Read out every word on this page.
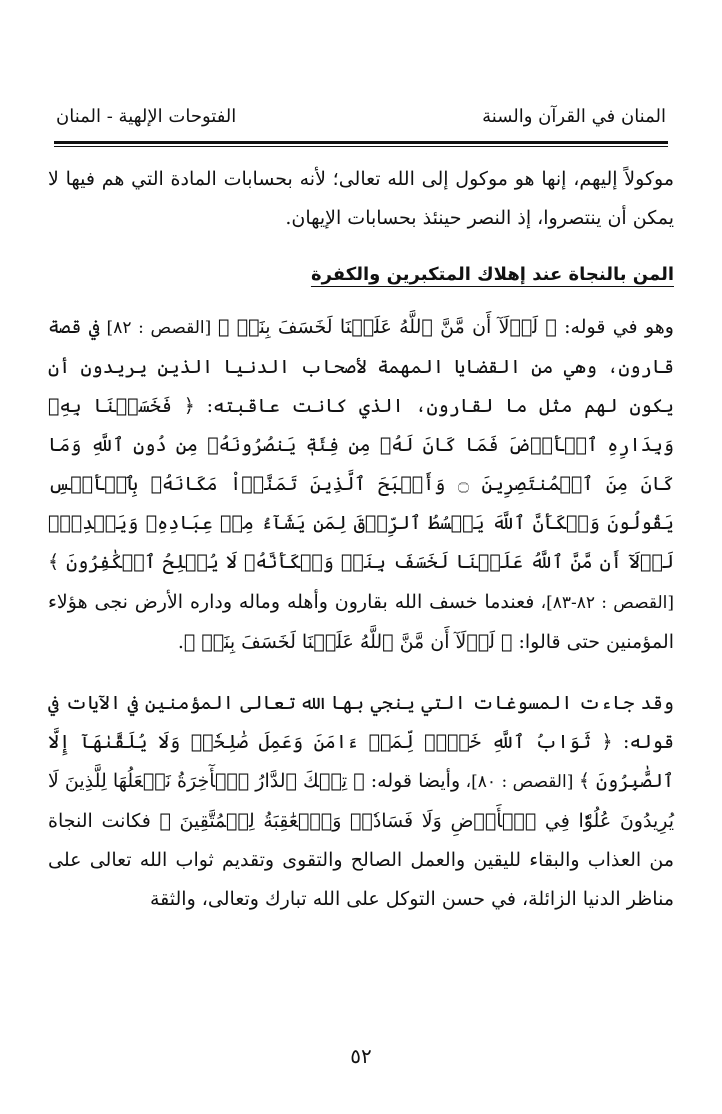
المنان في القرآن والسنة
الفتوحات الإلهية - المنان

موكولاً إليهم، إنها هو موكول إلى الله تعالى؛ لأنه بحسابات المادة التي هم فيها لا يمكن أن ينتصروا، إذ النصر حينئذ بحسابات الإيهان.

المن بالنجاة عند إهلاك المتكبرين والكفرة

وهو في قوله: ﴿ لَوۡلَآ أَن مَّنَّ ٱللَّهُ عَلَيۡنَا لَخَسَفَ بِنَاۖ ﴾ [القصص : ٨٢] في قصة قارون، وهي من القضايا المهمة لأصحاب الدنيا الذين يريدون أن يكون لهم مثل ما لقارون، الذي كانت عاقبته: ﴿ فَخَسَفۡنَا بِهِۦ وَبِدَارِهِ ٱلۡأَرۡضَ فَمَا كَانَ لَهُۥ مِن فِئَةٖ يَنصُرُونَهُۥ مِن دُونِ ٱللَّهِ وَمَا كَانَ مِنَ ٱلۡمُنتَصِرِينَ ۝ وَأَصۡبَحَ ٱلَّذِينَ تَمَنَّوۡاْ مَكَانَهُۥ بِٱلۡأَمۡسِ يَقُولُونَ وَيۡكَأَنَّ ٱللَّهَ يَبۡسُطُ ٱلرِّزۡقَ لِمَن يَشَآءُ مِنۡ عِبَادِهِۦ وَيَقۡدِرُۖ لَوۡلَآ أَن مَّنَّ ٱللَّهُ عَلَيۡنَا لَخَسَفَ بِنَاۖ وَيۡكَأَنَّهُۥ لَا يُفۡلِحُ ٱلۡكَٰفِرُونَ ﴾ [القصص : ٨٢-٨٣]، فعندما خسف الله بقارون وأهله وماله وداره الأرض نجى هؤلاء المؤمنين حتى قالوا: ﴿ لَوۡلَآ أَن مَّنَّ ٱللَّهُ عَلَيۡنَا لَخَسَفَ بِنَاۖ ﴾.

وقد جاءت المسوغات التي ينجي بها الله تعالى المؤمنين في الآيات في قوله: ﴿ ثَوَابُ ٱللَّهِ خَيۡرٞ لِّمَنۡ ءَامَنَ وَعَمِلَ صَٰلِحٗاۚ وَلَا يُلَقَّىٰهَآ إِلَّا ٱلصَّٰبِرُونَ ﴾ [القصص : ٨٠]، وأيضا قوله: ﴿ تِلۡكَ ٱلدَّارُ ٱلۡأٓخِرَةُ نَجۡعَلُهَا لِلَّذِينَ لَا يُرِيدُونَ عُلُوّٗا فِي ٱلۡأَرۡضِ وَلَا فَسَادٗاۚ وَٱلۡعَٰقِبَةُ لِلۡمُتَّقِينَ ﴾ فكانت النجاة من العذاب والبقاء لليقين والعمل الصالح والتقوى وتقديم ثواب الله تعالى على مناظر الدنيا الزائلة، في حسن التوكل على الله تبارك وتعالى، والثقة

٥٢
